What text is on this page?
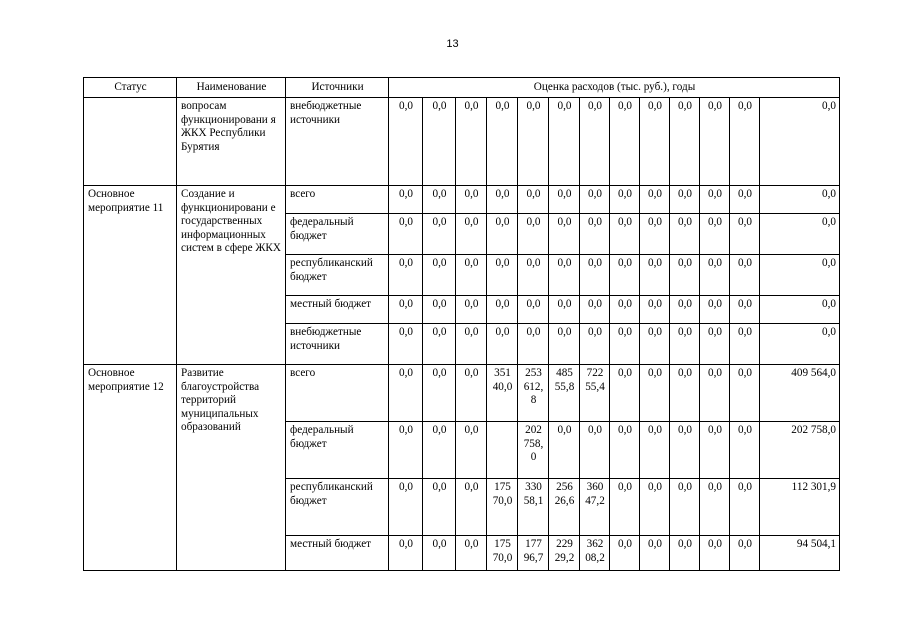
13
Статус	Наименование	Источники	Оценка расходов (тыс. руб.), годы												
	вопросам функционировани я ЖКХ Республики Бурятия	внебюджетные источники	0,0	0,0	0,0	0,0	0,0	0,0	0,0	0,0	0,0	0,0	0,0	0,0	0,0
Основное мероприятие 11	Создание и функционировани е государственных информационных систем в сфере ЖКХ	всего	0,0	0,0	0,0	0,0	0,0	0,0	0,0	0,0	0,0	0,0	0,0	0,0	0,0
		федеральный бюджет	0,0	0,0	0,0	0,0	0,0	0,0	0,0	0,0	0,0	0,0	0,0	0,0	0,0
		республиканский бюджет	0,0	0,0	0,0	0,0	0,0	0,0	0,0	0,0	0,0	0,0	0,0	0,0	0,0
		местный бюджет	0,0	0,0	0,0	0,0	0,0	0,0	0,0	0,0	0,0	0,0	0,0	0,0	0,0
		внебюджетные источники	0,0	0,0	0,0	0,0	0,0	0,0	0,0	0,0	0,0	0,0	0,0	0,0	0,0
Основное мероприятие 12	Развитие благоустройства территорий муниципальных образований	всего	0,0	0,0	0,0	351 40,0	253 612, 8	485 55,8	722 55,4	0,0	0,0	0,0	0,0	0,0	409 564,0
		федеральный бюджет	0,0	0,0	0,0		202 758, 0	0,0	0,0	0,0	0,0	0,0	0,0	0,0	202 758,0
		республиканский бюджет	0,0	0,0	0,0	175 70,0	330 58,1	256 26,6	360 47,2	0,0	0,0	0,0	0,0	0,0	112 301,9
		местный бюджет	0,0	0,0	0,0	175 70,0	177 96,7	229 29,2	362 08,2	0,0	0,0	0,0	0,0	0,0	94 504,1
